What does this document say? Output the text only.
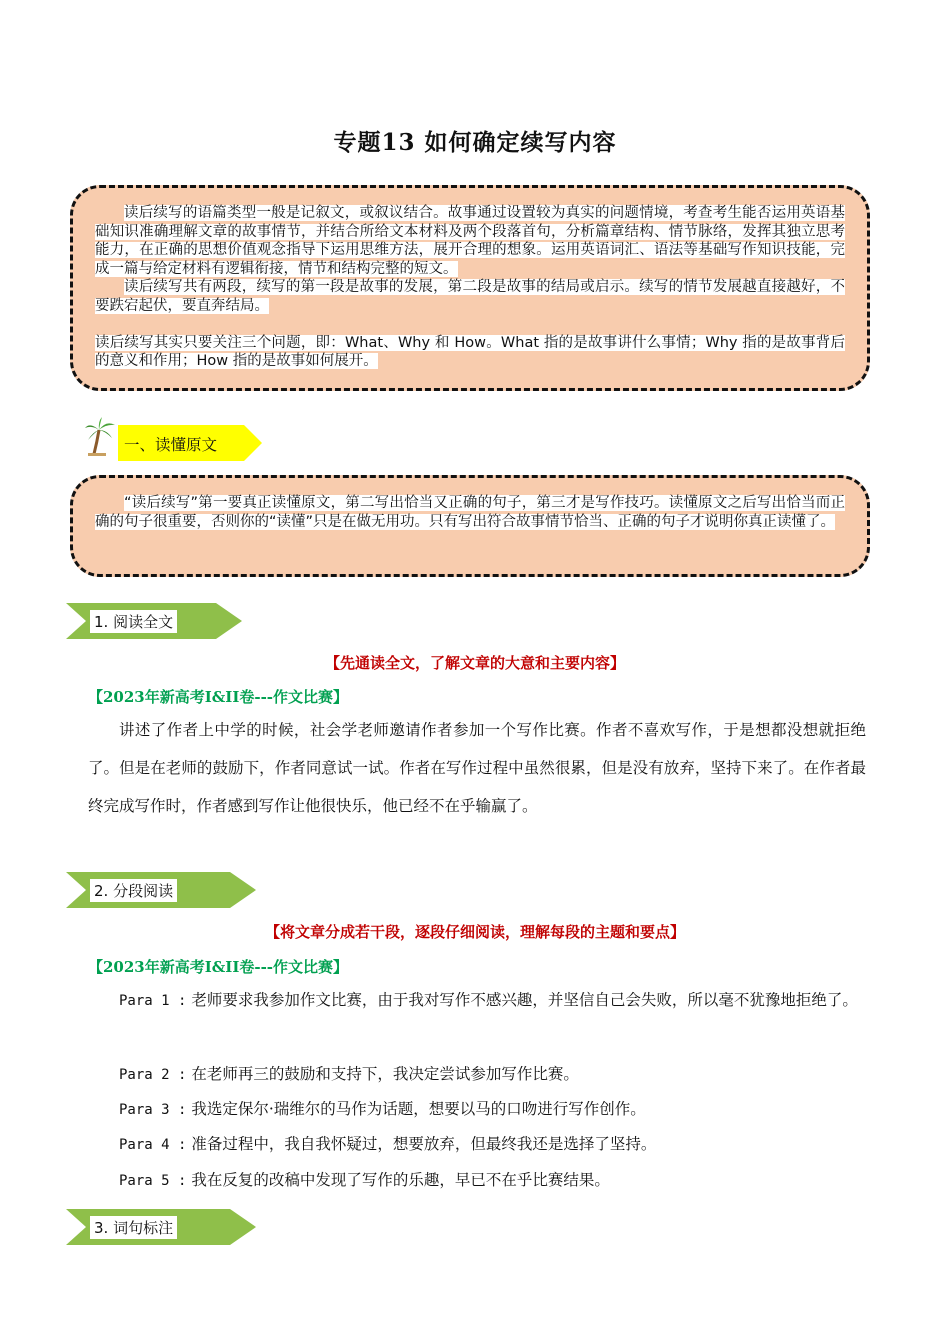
专题13 如何确定续写内容

读后续写的语篇类型一般是记叙文，或叙议结合。故事通过设置较为真实的问题情境，考查考生能否运用英语基础知识准确理解文章的故事情节，并结合所给文本材料及两个段落首句，分析篇章结构、情节脉络，发挥其独立思考能力，在正确的思想价值观念指导下运用思维方法，展开合理的想象。运用英语词汇、语法等基础写作知识技能，完成一篇与给定材料有逻辑衔接，情节和结构完整的短文。

读后续写共有两段，续写的第一段是故事的发展，第二段是故事的结局或启示。续写的情节发展越直接越好，不要跌宕起伏，要直奔结局。

读后续写其实只要关注三个问题，即：What、Why 和 How。What 指的是故事讲什么事情；Why 指的是故事背后的意义和作用；How 指的是故事如何展开。

一、读懂原文

“读后续写”第一要真正读懂原文，第二写出恰当又正确的句子，第三才是写作技巧。读懂原文之后写出恰当而正确的句子很重要，否则你的“读懂”只是在做无用功。只有写出符合故事情节恰当、正确的句子才说明你真正读懂了。

1. 阅读全文
【先通读全文，了解文章的大意和主要内容】
【2023年新高考I&II卷---作文比赛】
讲述了作者上中学的时候，社会学老师邀请作者参加一个写作比赛。作者不喜欢写作，于是想都没想就拒绝了。但是在老师的鼓励下，作者同意试一试。作者在写作过程中虽然很累，但是没有放弃，坚持下来了。在作者最终完成写作时，作者感到写作让他很快乐，他已经不在乎输赢了。
2. 分段阅读
【将文章分成若干段，逐段仔细阅读，理解每段的主题和要点】
【2023年新高考I&II卷---作文比赛】
Para 1 : 老师要求我参加作文比赛，由于我对写作不感兴趣，并坚信自己会失败，所以毫不犹豫地拒绝了。
Para 2 : 在老师再三的鼓励和支持下，我决定尝试参加写作比赛。
Para 3 : 我选定保尔·瑞维尔的马作为话题，想要以马的口吻进行写作创作。
Para 4 : 准备过程中，我自我怀疑过，想要放弃，但最终我还是选择了坚持。
Para 5 : 我在反复的改稿中发现了写作的乐趣，早已不在乎比赛结果。
3. 词句标注
